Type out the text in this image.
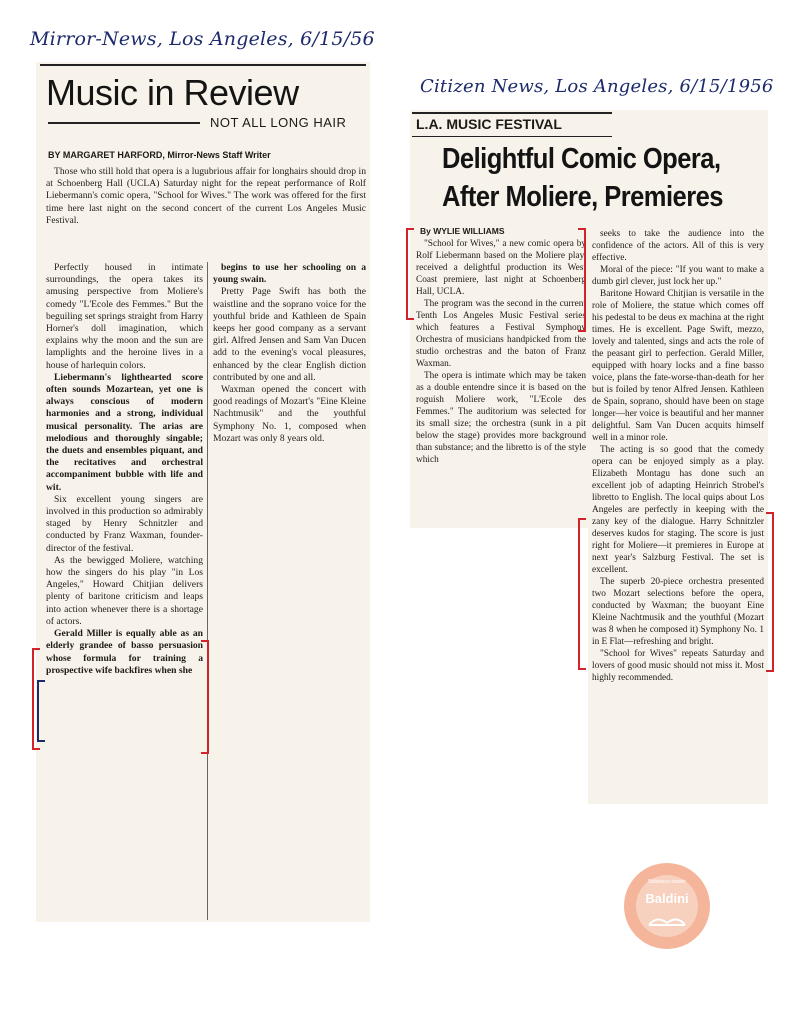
Mirror-News, Los Angeles, 6/15/56
Citizen News, Los Angeles, 6/15/1956
Music in Review
NOT ALL LONG HAIR
BY MARGARET HARFORD, Mirror-News Staff Writer

Those who still hold that opera is a lugubrious affair for longhairs should drop in at Schoenberg Hall (UCLA) Saturday night for the repeat performance of Rolf Liebermann's comic opera, "School for Wives." The work was offered for the first time here last night on the second concert of the current Los Angeles Music Festival.

Perfectly housed in intimate surroundings, the opera takes its amusing perspective from Moliere's comedy "L'Ecole des Femmes." But the beguiling set springs straight from Harry Horner's doll imagination, which explains why the moon and the sun are lamplights and the heroine lives in a house of harlequin colors.

Liebermann's lighthearted score often sounds Mozartean, yet one is always conscious of modern harmonies and a strong, individual musical personality. The arias are melodious and thoroughly singable; the duets and ensembles piquant, and the recitatives and orchestral accompaniment bubble with life and wit.

Six excellent young singers are involved in this production so admirably staged by Henry Schnitzler and conducted by Franz Waxman, founder-director of the festival.

As the bewigged Moliere, watching how the singers do his play "in Los Angeles," Howard Chitjian delivers plenty of baritone criticism and leaps into action whenever there is a shortage of actors.

Gerald Miller is equally able as an elderly grandee of basso persuasion whose formula for training a prospective wife backfires when she

begins to use her schooling on a young swain.

Pretty Page Swift has both the waistline and the soprano voice for the youthful bride and Kathleen de Spain keeps her good company as a servant girl. Alfred Jensen and Sam Van Ducen add to the evening's vocal pleasures, enhanced by the clear English diction contributed by one and all.

Waxman opened the concert with good readings of Mozart's "Eine Kleine Nachtmusik" and the youthful Symphony No. 1, composed when Mozart was only 8 years old.

L.A. MUSIC FESTIVAL
Delightful Comic Opera,
After Moliere, Premieres
By WYLIE WILLIAMS

"School for Wives," a new comic opera by Rolf Liebermann based on the Moliere play, received a delightful production its West Coast premiere, last night at Schoenberg Hall, UCLA.

The program was the second in the current Tenth Los Angeles Music Festival series which features a Festival Symphony Orchestra of musicians handpicked from the studio orchestras and the baton of Franz Waxman.

The opera is intimate which may be taken as a double entendre since it is based on the roguish Moliere work, "L'Ecole des Femmes." The auditorium was selected for its small size; the orchestra (sunk in a pit below the stage) provides more background than substance; and the libretto is of the style which

seeks to take the audience into the confidence of the actors. All of this is very effective.

Moral of the piece: "If you want to make a dumb girl clever, just lock her up."

Baritone Howard Chitjian is versatile in the role of Moliere, the statue which comes off his pedestal to be deus ex machina at the right times. He is excellent. Page Swift, mezzo, lovely and talented, sings and acts the role of the peasant girl to perfection. Gerald Miller, equipped with hoary locks and a fine basso voice, plans the fate-worse-than-death for her but is foiled by tenor Alfred Jensen. Kathleen de Spain, soprano, should have been on stage longer—her voice is beautiful and her manner delightful. Sam Van Ducen acquits himself well in a minor role.

The acting is so good that the comedy opera can be enjoyed simply as a play. Elizabeth Montagu has done such an excellent job of adapting Heinrich Strobel's libretto to English. The local quips about Los Angeles are perfectly in keeping with the zany key of the dialogue. Harry Schnitzler deserves kudos for staging. The score is just right for Moliere—it premieres in Europe at next year's Salzburg Festival. The set is excellent.

The superb 20-piece orchestra presented two Mozart selections before the opera, conducted by Waxman; the buoyant Eine Kleine Nachtmusik and the youthful (Mozart was 8 when he composed it) Symphony No. 1 in E Flat—refreshing and bright.

"School for Wives" repeats Saturday and lovers of good music should not miss it. Most highly recommended.

Biblioteca statale
Baldini
